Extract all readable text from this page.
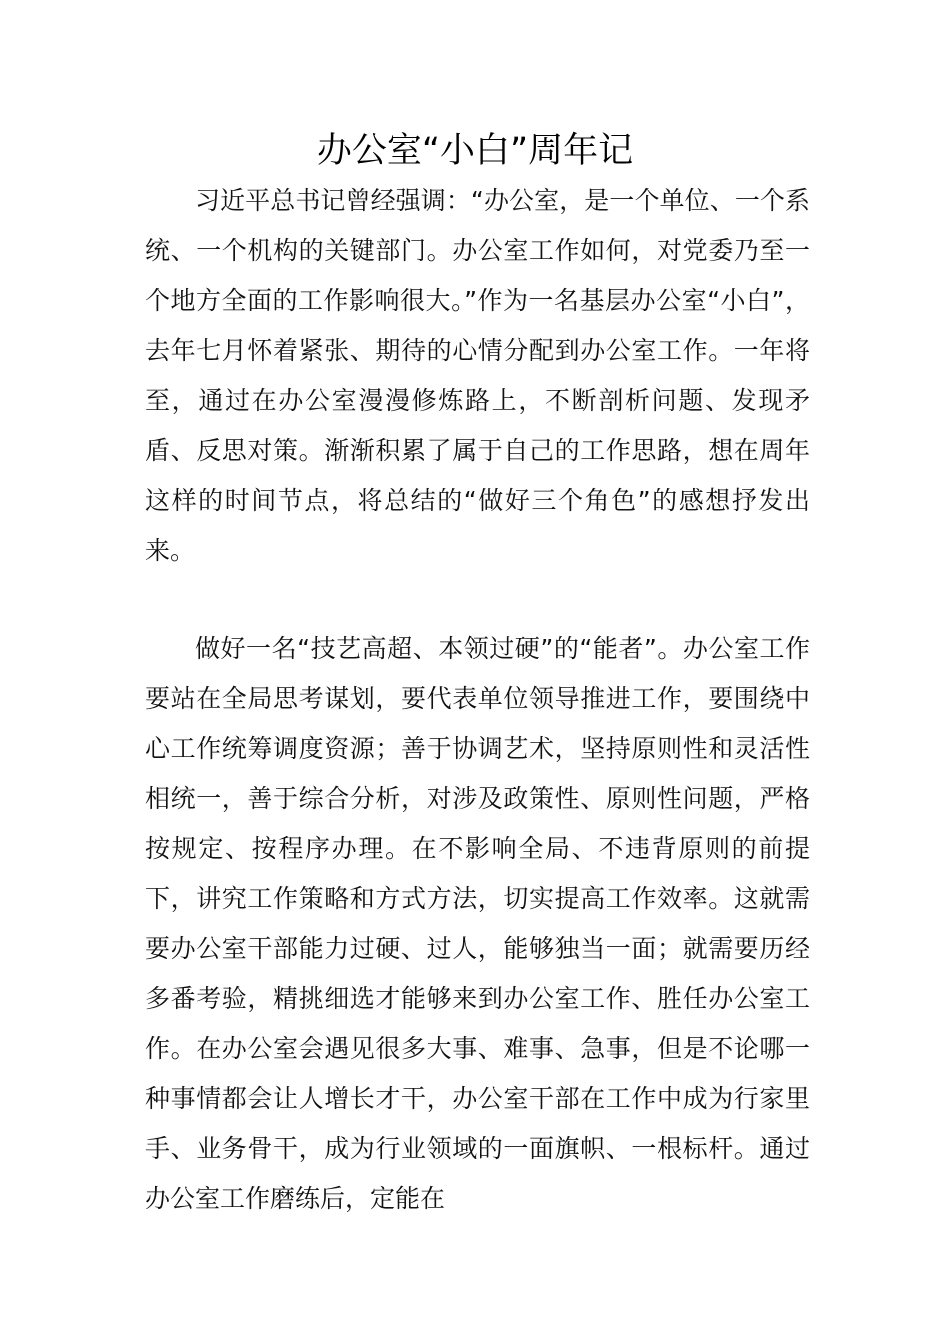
办公室“小白”周年记

习近平总书记曾经强调：“办公室，是一个单位、一个系统、一个机构的关键部门。办公室工作如何，对党委乃至一个地方全面的工作影响很大。”作为一名基层办公室“小白”，去年七月怀着紧张、期待的心情分配到办公室工作。一年将至，通过在办公室漫漫修炼路上，不断剖析问题、发现矛盾、反思对策。渐渐积累了属于自己的工作思路，想在周年这样的时间节点，将总结的“做好三个角色”的感想抒发出来。

做好一名“技艺高超、本领过硬”的“能者”。办公室工作要站在全局思考谋划，要代表单位领导推进工作，要围绕中心工作统筹调度资源；善于协调艺术，坚持原则性和灵活性相统一，善于综合分析，对涉及政策性、原则性问题，严格按规定、按程序办理。在不影响全局、不违背原则的前提下，讲究工作策略和方式方法，切实提高工作效率。这就需要办公室干部能力过硬、过人，能够独当一面；就需要历经多番考验，精挑细选才能够来到办公室工作、胜任办公室工作。在办公室会遇见很多大事、难事、急事，但是不论哪一种事情都会让人增长才干，办公室干部在工作中成为行家里手、业务骨干，成为行业领域的一面旗帜、一根标杆。通过办公室工作磨练后，定能在
